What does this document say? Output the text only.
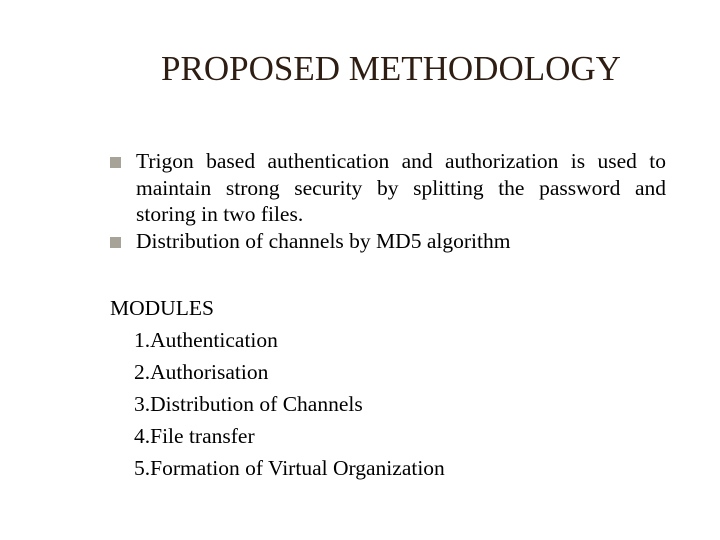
PROPOSED METHODOLOGY
Trigon based authentication and authorization is used to maintain strong security by splitting the password and storing in two files.
Distribution of channels by MD5 algorithm
MODULES
1.Authentication
2.Authorisation
3.Distribution of Channels
4.File transfer
5.Formation of Virtual Organization
